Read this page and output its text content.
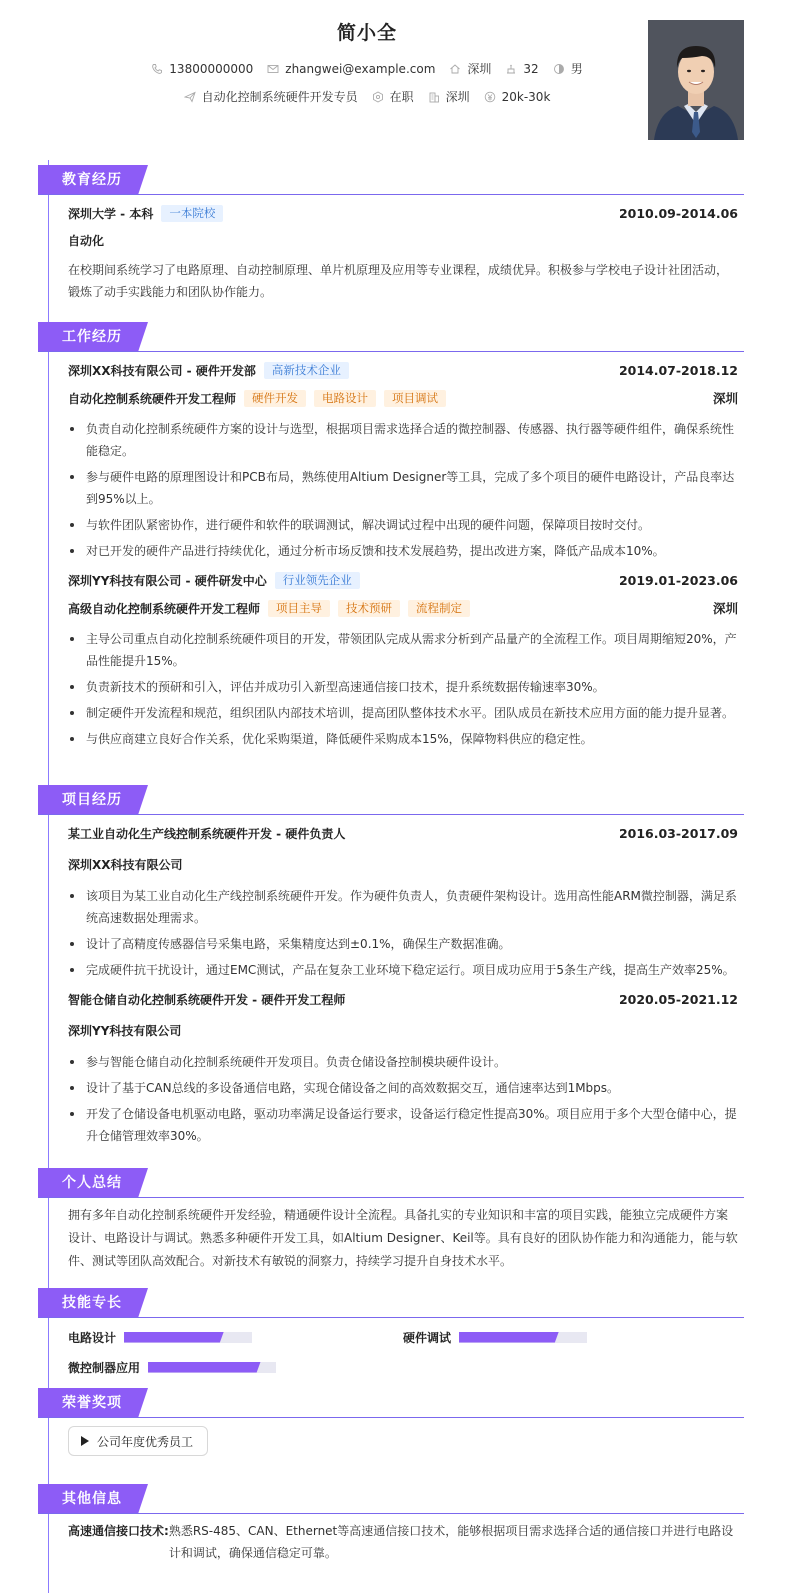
简小全
13800000000	zhangwei@example.com	深圳	32	男
自动化控制系统硬件开发专员	在职	深圳	20k-30k
教育经历
深圳大学 - 本科	一本院校	2010.09-2014.06
自动化
在校期间系统学习了电路原理、自动控制原理、单片机原理及应用等专业课程，成绩优异。积极参与学校电子设计社团活动，锻炼了动手实践能力和团队协作能力。
工作经历
深圳XX科技有限公司 - 硬件开发部	高新技术企业	2014.07-2018.12
自动化控制系统硬件开发工程师	硬件开发	电路设计	项目调试	深圳
负责自动化控制系统硬件方案的设计与选型，根据项目需求选择合适的微控制器、传感器、执行器等硬件组件，确保系统性能稳定。
参与硬件电路的原理图设计和PCB布局，熟练使用Altium Designer等工具，完成了多个项目的硬件电路设计，产品良率达到95%以上。
与软件团队紧密协作，进行硬件和软件的联调测试，解决调试过程中出现的硬件问题，保障项目按时交付。
对已开发的硬件产品进行持续优化，通过分析市场反馈和技术发展趋势，提出改进方案，降低产品成本10%。
深圳YY科技有限公司 - 硬件研发中心	行业领先企业	2019.01-2023.06
高级自动化控制系统硬件开发工程师	项目主导	技术预研	流程制定	深圳
主导公司重点自动化控制系统硬件项目的开发，带领团队完成从需求分析到产品量产的全流程工作。项目周期缩短20%，产品性能提升15%。
负责新技术的预研和引入，评估并成功引入新型高速通信接口技术，提升系统数据传输速率30%。
制定硬件开发流程和规范，组织团队内部技术培训，提高团队整体技术水平。团队成员在新技术应用方面的能力提升显著。
与供应商建立良好合作关系，优化采购渠道，降低硬件采购成本15%，保障物料供应的稳定性。
项目经历
某工业自动化生产线控制系统硬件开发 - 硬件负责人	2016.03-2017.09
深圳XX科技有限公司
该项目为某工业自动化生产线控制系统硬件开发。作为硬件负责人，负责硬件架构设计。选用高性能ARM微控制器，满足系统高速数据处理需求。
设计了高精度传感器信号采集电路，采集精度达到±0.1%，确保生产数据准确。
完成硬件抗干扰设计，通过EMC测试，产品在复杂工业环境下稳定运行。项目成功应用于5条生产线，提高生产效率25%。
智能仓储自动化控制系统硬件开发 - 硬件开发工程师	2020.05-2021.12
深圳YY科技有限公司
参与智能仓储自动化控制系统硬件开发项目。负责仓储设备控制模块硬件设计。
设计了基于CAN总线的多设备通信电路，实现仓储设备之间的高效数据交互，通信速率达到1Mbps。
开发了仓储设备电机驱动电路，驱动功率满足设备运行要求，设备运行稳定性提高30%。项目应用于多个大型仓储中心，提升仓储管理效率30%。
个人总结
拥有多年自动化控制系统硬件开发经验，精通硬件设计全流程。具备扎实的专业知识和丰富的项目实践，能独立完成硬件方案设计、电路设计与调试。熟悉多种硬件开发工具，如Altium Designer、Keil等。具有良好的团队协作能力和沟通能力，能与软件、测试等团队高效配合。对新技术有敏锐的洞察力，持续学习提升自身技术水平。
技能专长
电路设计	硬件调试
微控制器应用
荣誉奖项
公司年度优秀员工
其他信息
高速通信接口技术: 熟悉RS-485、CAN、Ethernet等高速通信接口技术，能够根据项目需求选择合适的通信接口并进行电路设计和调试，确保通信稳定可靠。
